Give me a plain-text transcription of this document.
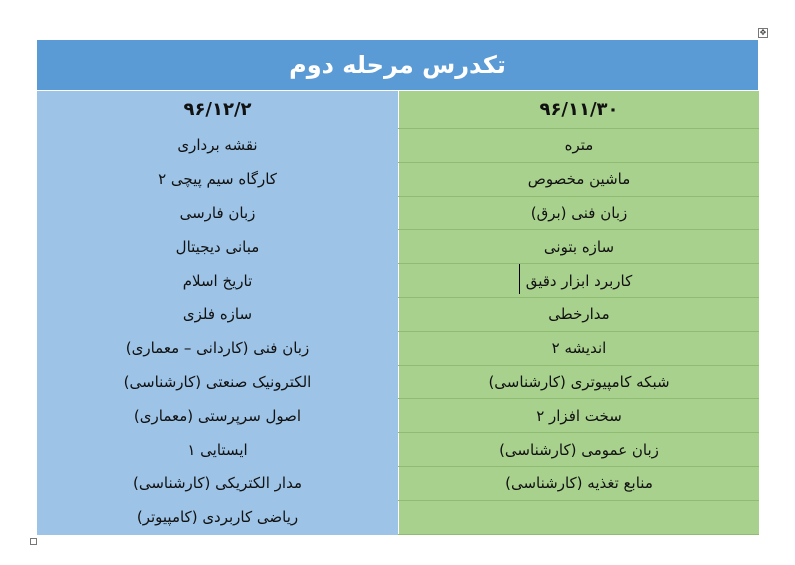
✥
تکدرس مرحله دوم
۹۶/۱۱/۳۰	۹۶/۱۲/۲
متره	نقشه برداری
ماشین مخصوص	کارگاه سیم پیچی ۲
زبان فنی (برق)	زبان فارسی
سازه بتونی	مبانی دیجیتال
کاربرد ابزار دقیق	تاریخ اسلام
مدارخطی	سازه فلزی
اندیشه ۲	زبان فنی (کاردانی – معماری)
شبکه کامپیوتری (کارشناسی)	الکترونیک صنعتی (کارشناسی)
سخت افزار ۲	اصول سرپرستی (معماری)
زبان عمومی (کارشناسی)	ایستایی ۱
منابع تغذیه (کارشناسی)	مدار الکتریکی (کارشناسی)
	ریاضی کاربردی (کامپیوتر)
